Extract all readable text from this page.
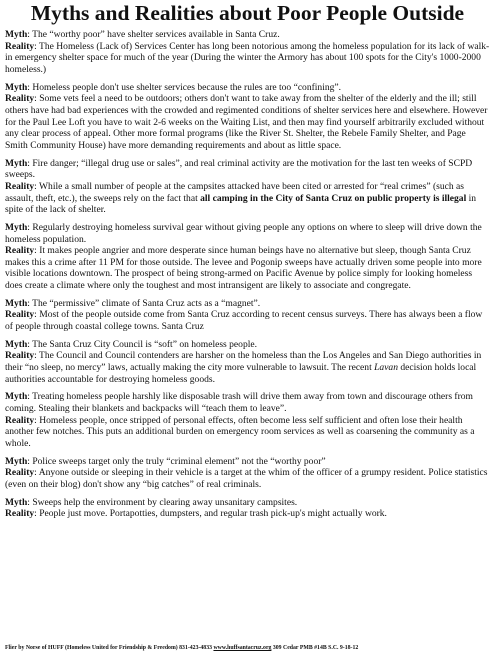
Myths and Realities about Poor People Outside

Myth: The “worthy poor” have shelter services available in Santa Cruz.

Reality: The Homeless (Lack of) Services Center has long been notorious among the homeless population for its lack of walk-in emergency shelter space for much of the year (During the winter the Armory has about 100 spots for the City's 1000-2000 homeless.)

Myth: Homeless people don't use shelter services because the rules are too “confining”.

Reality: Some vets feel a need to be outdoors; others don't want to take away from the shelter of the elderly and the ill; still others have had bad experiences with the crowded and regimented conditions of shelter services here and elsewhere. However for the Paul Lee Loft you have to wait 2-6 weeks on the Waiting List, and then may find yourself arbitrarily excluded without any clear process of appeal. Other more formal programs (like the River St. Shelter, the Rebele Family Shelter, and Page Smith Community House) have more demanding requirements and about as little space.

Myth: Fire danger; “illegal drug use or sales”, and real criminal activity are the motivation for the last ten weeks of SCPD sweeps.

Reality: While a small number of people at the campsites attacked have been cited or arrested for “real crimes” (such as assault, theft, etc.), the sweeps rely on the fact that all camping in the City of Santa Cruz on public property is illegal in spite of the lack of shelter.

Myth: Regularly destroying homeless survival gear without giving people any options on where to sleep will drive down the homeless population.

Reality: It makes people angrier and more desperate since human beings have no alternative but sleep, though Santa Cruz makes this a crime after 11 PM for those outside. The levee and Pogonip sweeps have actually driven some people into more visible locations downtown. The prospect of being strong-armed on Pacific Avenue by police simply for looking homeless does create a climate where only the toughest and most intransigent are likely to associate and congregate.

Myth: The “permissive” climate of Santa Cruz acts as a “magnet”.

Reality: Most of the people outside come from Santa Cruz according to recent census surveys. There has always been a flow of people through coastal college towns. Santa Cruz

Myth: The Santa Cruz City Council is “soft” on homeless people.

Reality: The Council and Council contenders are harsher on the homeless than the Los Angeles and San Diego authorities in their “no sleep, no mercy” laws, actually making the city more vulnerable to lawsuit. The recent Lavan decision holds local authorities accountable for destroying homeless goods.

Myth: Treating homeless people harshly like disposable trash will drive them away from town and discourage others from coming. Stealing their blankets and backpacks will “teach them to leave”.

Reality: Homeless people, once stripped of personal effects, often become less self sufficient and often lose their health another few notches. This puts an additional burden on emergency room services as well as coarsening the community as a whole.

Myth: Police sweeps target only the truly “criminal element” not the “worthy poor”

Reality: Anyone outside or sleeping in their vehicle is a target at the whim of the officer of a grumpy resident. Police statistics (even on their blog) don't show any “big catches” of real criminals.

Myth: Sweeps help the environment by clearing away unsanitary campsites.

Reality: People just move. Portapotties, dumpsters, and regular trash pick-up's might actually work.

Flier by Norse of HUFF (Homeless United for Friendship & Freedom) 831-423-4833 www.huffsantacruz.org 309 Cedar PMB #14B S.C. 9-18-12
